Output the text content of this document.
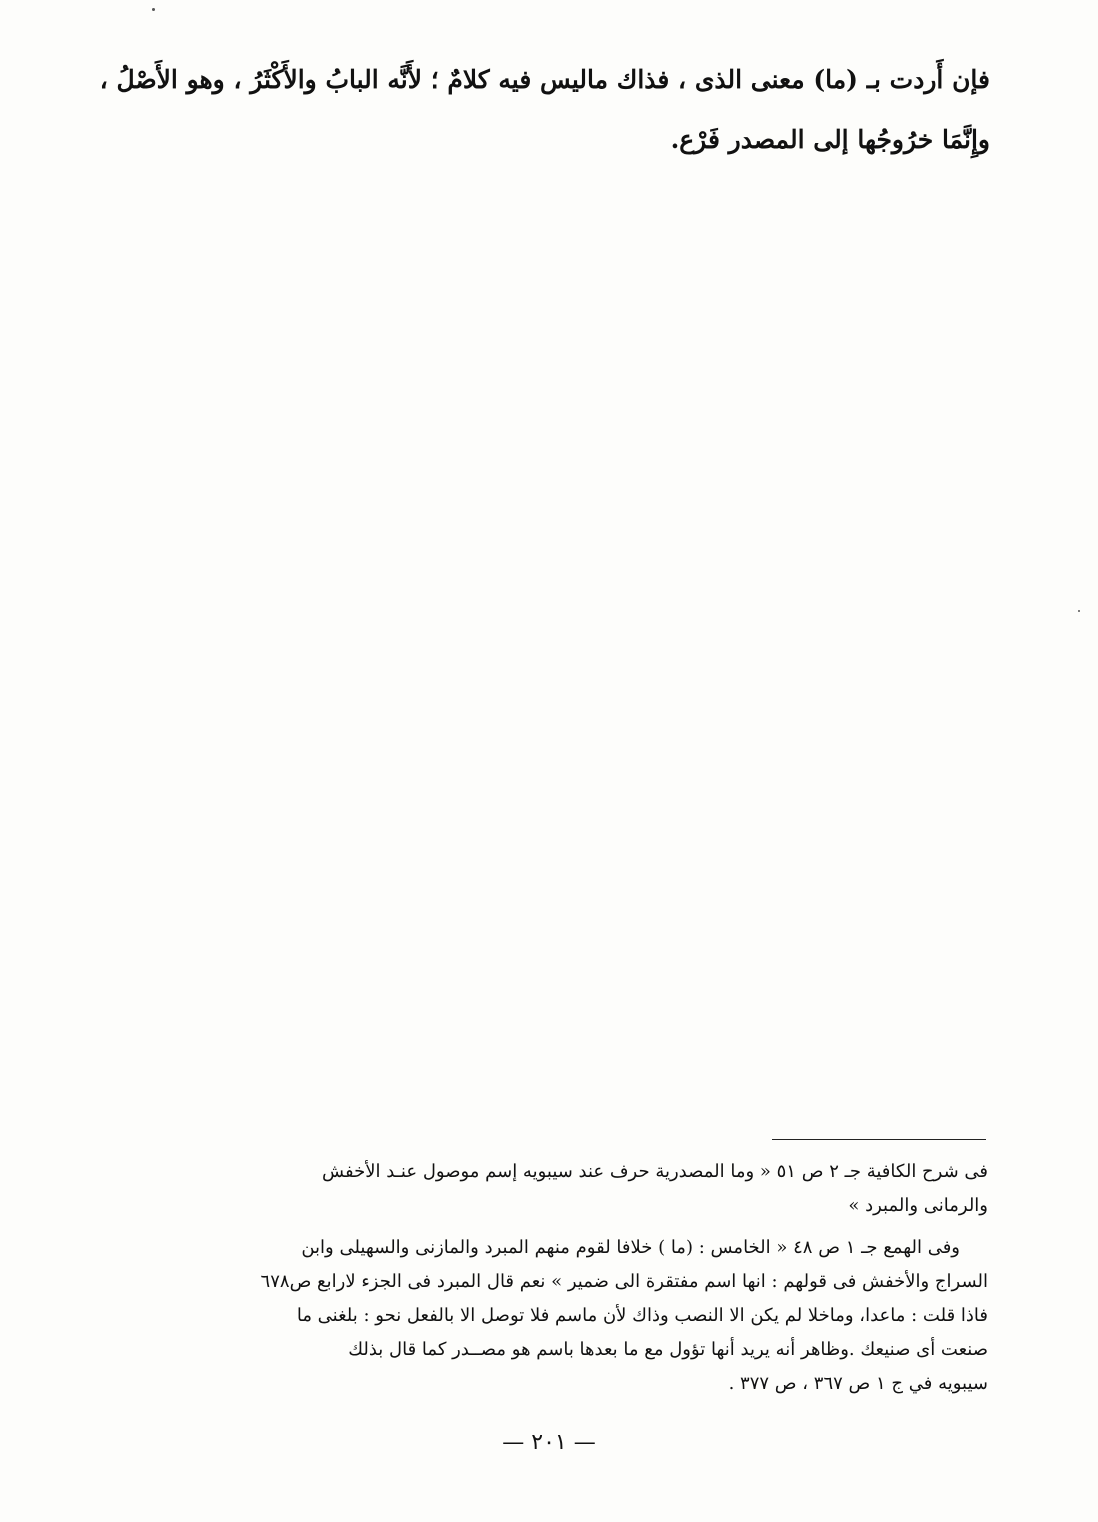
فإن أَردت بـ (ما) معنى الذى ، فذاك ماليس فيه كلامٌ ؛ لأَنَّه البابُ والأَكْثَرُ ، وهو الأَصْلُ ،
وإِنَّمَا خرُوجُها إلى المصدر فَرْع.
فى شرح الكافية جـ ٢ ص ٥١ « وما المصدرية حرف عند سيبويه إسم موصول عنـد الأخفش
والرمانى والمبرد »
وفى الهمع جـ ١ ص ٤٨ « الخامس : (ما ) خلافا لقوم منهم المبرد والمازنى والسهيلى وابن
السراج والأخفش فى قولهم : انها اسم مفتقرة الى ضمير » نعم قال المبرد فى الجزء لارابع ص٦٧٨
فاذا قلت : ماعدا، وماخلا لم يكن الا النصب وذاك لأن ماسم فلا توصل الا بالفعل نحو : بلغنى ما
صنعت أى صنيعك .وظاهر أنه يريد أنها تؤول مع ما بعدها باسم هو مصــدر كما قال بذلك
سيبويه في ج ١ ص ٣٦٧ ، ص ٣٧٧ .
— ٢٠١ —
